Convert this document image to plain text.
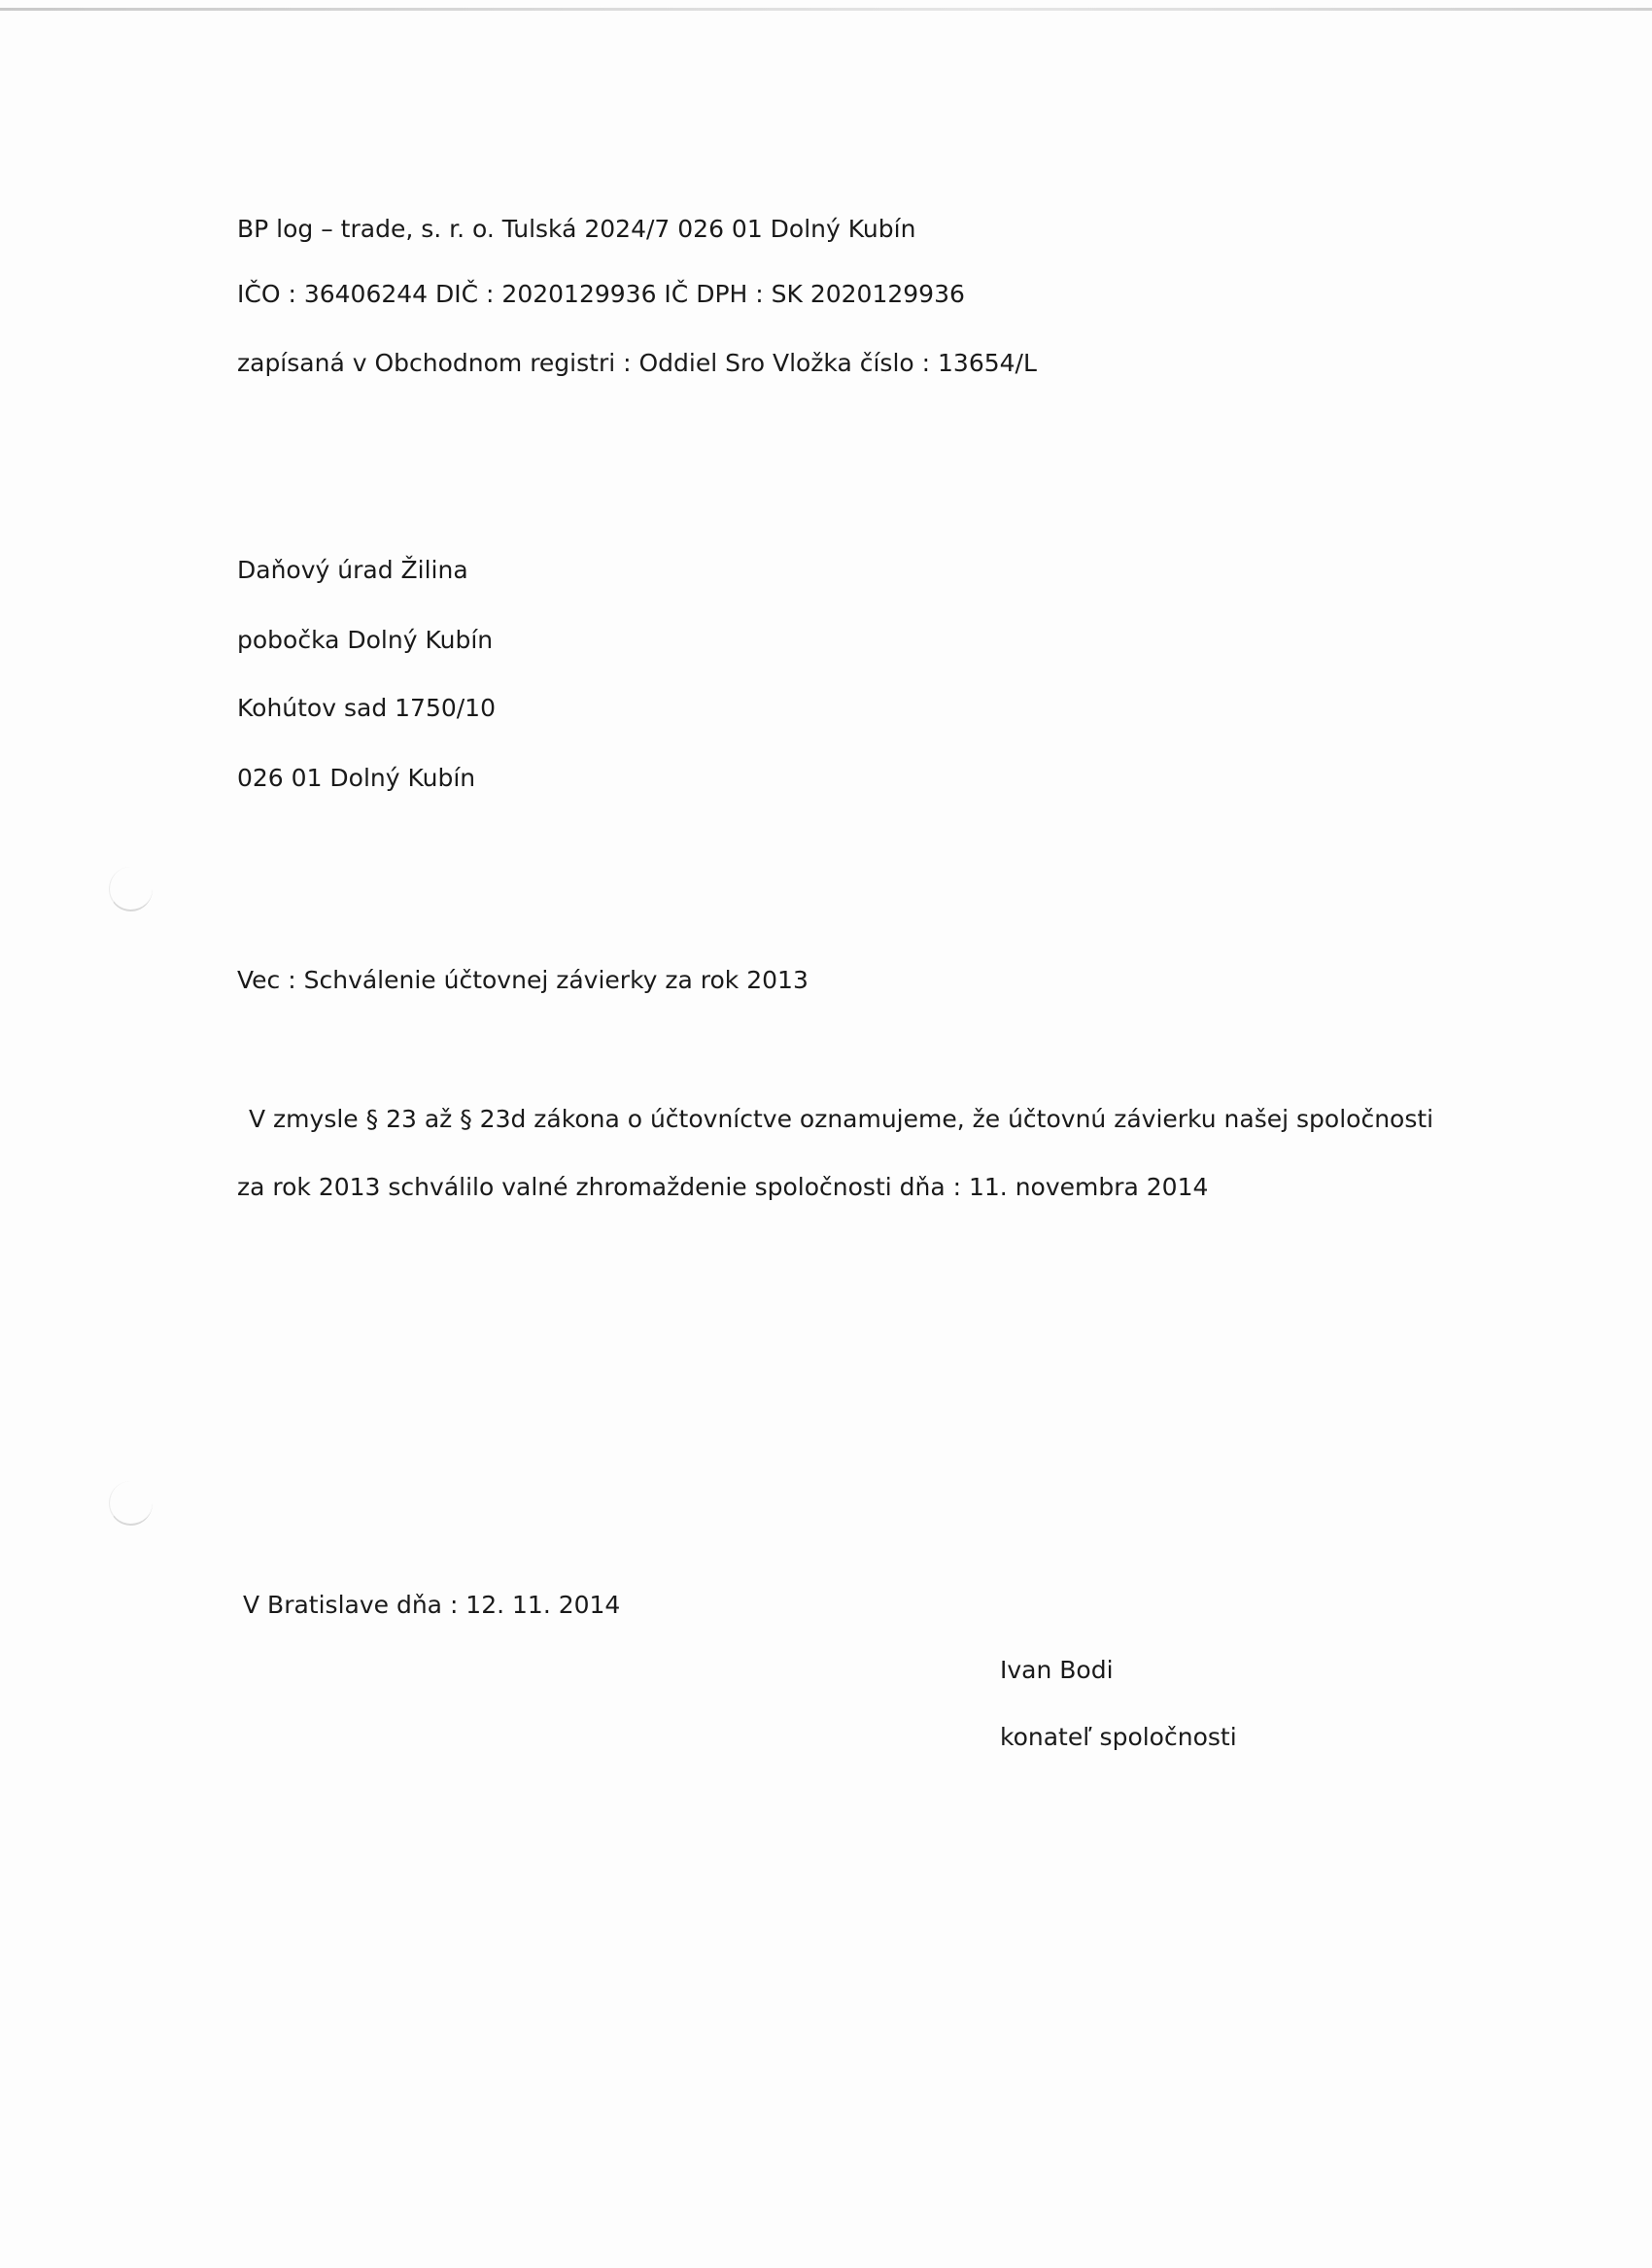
BP log – trade, s. r. o. Tulská 2024/7 026 01 Dolný Kubín
IČO : 36406244 DIČ : 2020129936 IČ DPH : SK 2020129936
zapísaná v Obchodnom registri : Oddiel Sro Vložka číslo : 13654/L
Daňový úrad Žilina
pobočka Dolný Kubín
Kohútov sad 1750/10
026 01 Dolný Kubín
Vec : Schválenie účtovnej závierky za rok 2013
V zmysle § 23 až § 23d zákona o účtovníctve oznamujeme, že účtovnú závierku našej spoločnosti
za rok 2013 schválilo valné zhromaždenie spoločnosti dňa : 11. novembra 2014
V Bratislave dňa : 12. 11. 2014
Ivan Bodi
konateľ spoločnosti
